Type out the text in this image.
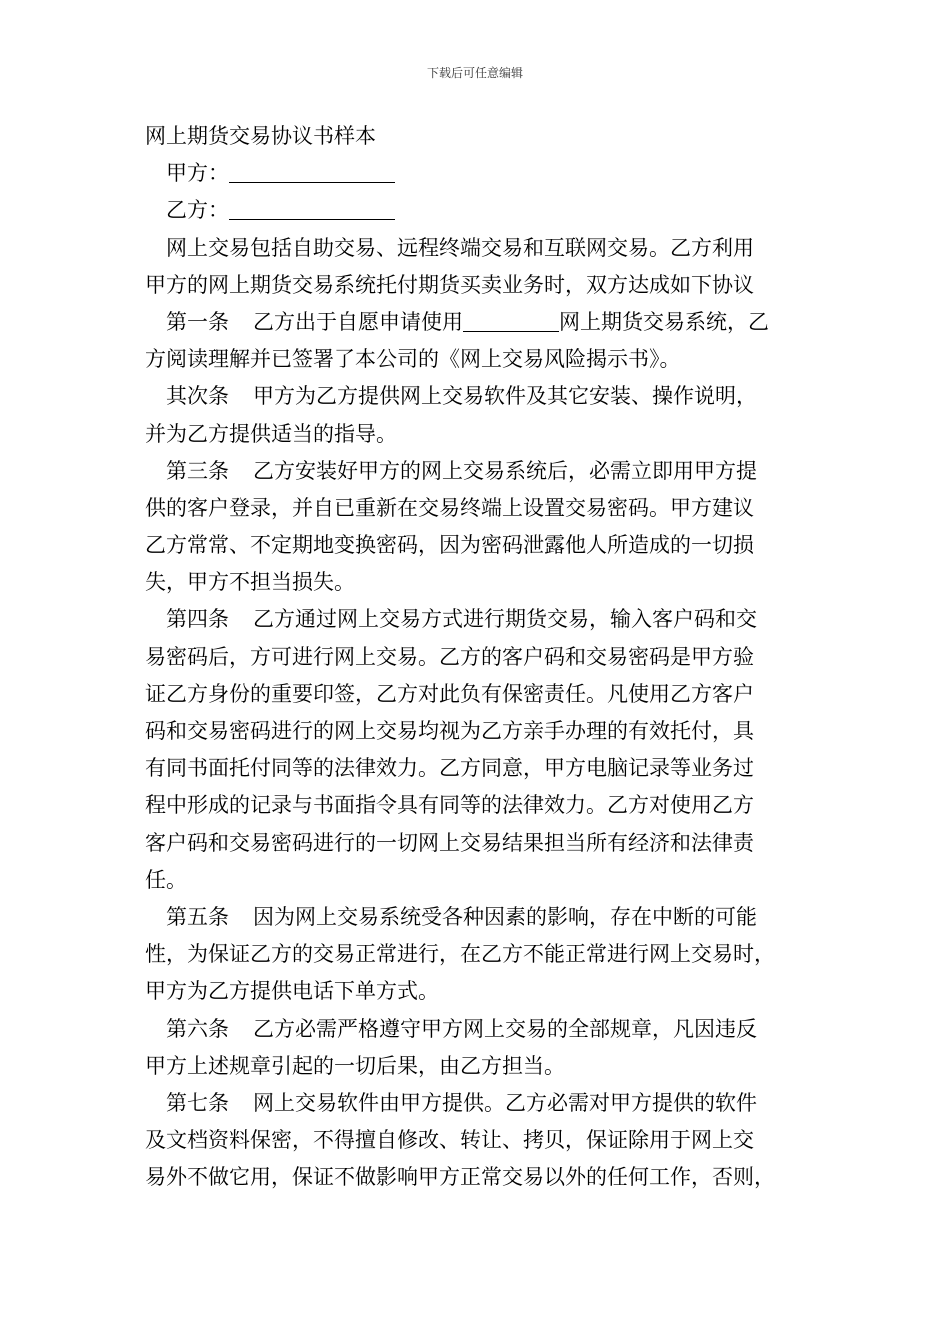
下载后可任意编辑
网上期货交易协议书样本
甲方：
乙方：
网上交易包括自助交易、远程终端交易和互联网交易。乙方利用
甲方的网上期货交易系统托付期货买卖业务时，双方达成如下协议
第一条 乙方出于自愿申请使用	网上期货交易系统，乙
方阅读理解并已签署了本公司的《网上交易风险揭示书》。
其次条 甲方为乙方提供网上交易软件及其它安装、操作说明，
并为乙方提供适当的指导。
第三条 乙方安装好甲方的网上交易系统后，必需立即用甲方提
供的客户登录，并自已重新在交易终端上设置交易密码。甲方建议
乙方常常、不定期地变换密码，因为密码泄露他人所造成的一切损
失，甲方不担当损失。
第四条 乙方通过网上交易方式进行期货交易，输入客户码和交
易密码后，方可进行网上交易。乙方的客户码和交易密码是甲方验
证乙方身份的重要印签，乙方对此负有保密责任。凡使用乙方客户
码和交易密码进行的网上交易均视为乙方亲手办理的有效托付，具
有同书面托付同等的法律效力。乙方同意，甲方电脑记录等业务过
程中形成的记录与书面指令具有同等的法律效力。乙方对使用乙方
客户码和交易密码进行的一切网上交易结果担当所有经济和法律责
任。
第五条 因为网上交易系统受各种因素的影响，存在中断的可能
性，为保证乙方的交易正常进行，在乙方不能正常进行网上交易时，
甲方为乙方提供电话下单方式。
第六条 乙方必需严格遵守甲方网上交易的全部规章，凡因违反
甲方上述规章引起的一切后果，由乙方担当。
第七条 网上交易软件由甲方提供。乙方必需对甲方提供的软件
及文档资料保密，不得擅自修改、转让、拷贝，保证除用于网上交
易外不做它用，保证不做影响甲方正常交易以外的任何工作，否则，
